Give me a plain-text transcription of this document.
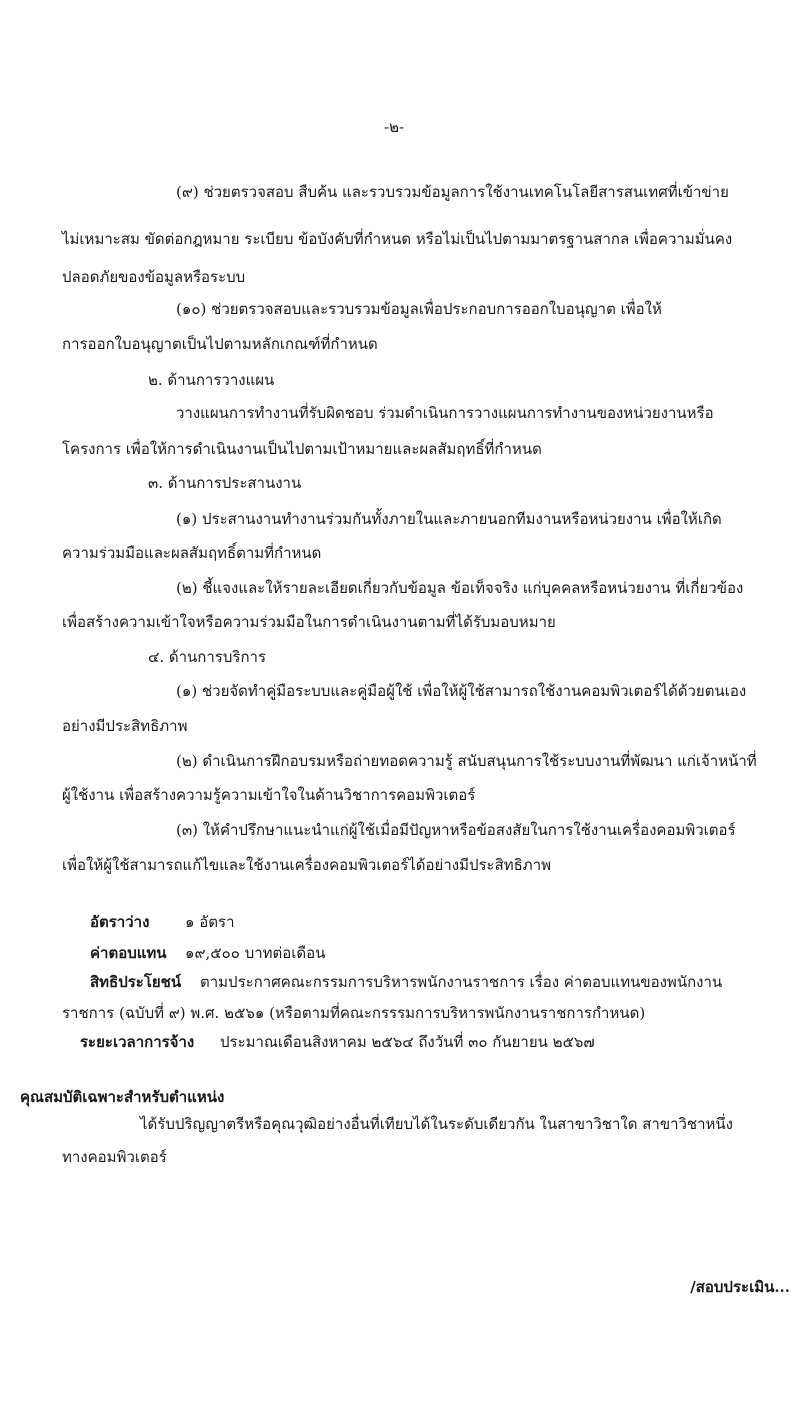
-๒-
(๙) ช่วยตรวจสอบ สืบค้น และรวบรวมข้อมูลการใช้งานเทคโนโลยีสารสนเทศที่เข้าข่าย
ไม่เหมาะสม ขัดต่อกฎหมาย ระเบียบ ข้อบังคับที่กำหนด หรือไม่เป็นไปตามมาตรฐานสากล เพื่อความมั่นคง
ปลอดภัยของข้อมูลหรือระบบ
(๑๐) ช่วยตรวจสอบและรวบรวมข้อมูลเพื่อประกอบการออกใบอนุญาต เพื่อให้
การออกใบอนุญาตเป็นไปตามหลักเกณฑ์ที่กำหนด
๒. ด้านการวางแผน
วางแผนการทำงานที่รับผิดชอบ ร่วมดำเนินการวางแผนการทำงานของหน่วยงานหรือ
โครงการ เพื่อให้การดำเนินงานเป็นไปตามเป้าหมายและผลสัมฤทธิ์ที่กำหนด
๓. ด้านการประสานงาน
(๑) ประสานงานทำงานร่วมกันทั้งภายในและภายนอกทีมงานหรือหน่วยงาน เพื่อให้เกิด
ความร่วมมือและผลสัมฤทธิ์ตามที่กำหนด
(๒) ชี้แจงและให้รายละเอียดเกี่ยวกับข้อมูล ข้อเท็จจริง แก่บุคคลหรือหน่วยงาน ที่เกี่ยวข้อง
เพื่อสร้างความเข้าใจหรือความร่วมมือในการดำเนินงานตามที่ได้รับมอบหมาย
๔. ด้านการบริการ
(๑) ช่วยจัดทำคู่มือระบบและคู่มือผู้ใช้ เพื่อให้ผู้ใช้สามารถใช้งานคอมพิวเตอร์ได้ด้วยตนเอง
อย่างมีประสิทธิภาพ
(๒) ดำเนินการฝึกอบรมหรือถ่ายทอดความรู้ สนับสนุนการใช้ระบบงานที่พัฒนา แก่เจ้าหน้าที่
ผู้ใช้งาน เพื่อสร้างความรู้ความเข้าใจในด้านวิชาการคอมพิวเตอร์
(๓) ให้คำปรึกษาแนะนำแก่ผู้ใช้เมื่อมีปัญหาหรือข้อสงสัยในการใช้งานเครื่องคอมพิวเตอร์
เพื่อให้ผู้ใช้สามารถแก้ไขและใช้งานเครื่องคอมพิวเตอร์ได้อย่างมีประสิทธิภาพ
อัตราว่าง ๑ อัตรา
ค่าตอบแทน ๑๙,๕๐๐ บาทต่อเดือน
สิทธิประโยชน์ ตามประกาศคณะกรรมการบริหารพนักงานราชการ เรื่อง ค่าตอบแทนของพนักงาน
ราชการ (ฉบับที่ ๙) พ.ศ. ๒๕๖๑ (หรือตามที่คณะกรรรมการบริหารพนักงานราชการกำหนด)
ระยะเวลาการจ้าง ประมาณเดือนสิงหาคม ๒๕๖๔ ถึงวันที่ ๓๐ กันยายน ๒๕๖๗
คุณสมบัติเฉพาะสำหรับตำแหน่ง
ได้รับปริญญาตรีหรือคุณวุฒิอย่างอื่นที่เทียบได้ในระดับเดียวกัน ในสาขาวิชาใด สาขาวิชาหนึ่ง
ทางคอมพิวเตอร์
/สอบประเมิน...
